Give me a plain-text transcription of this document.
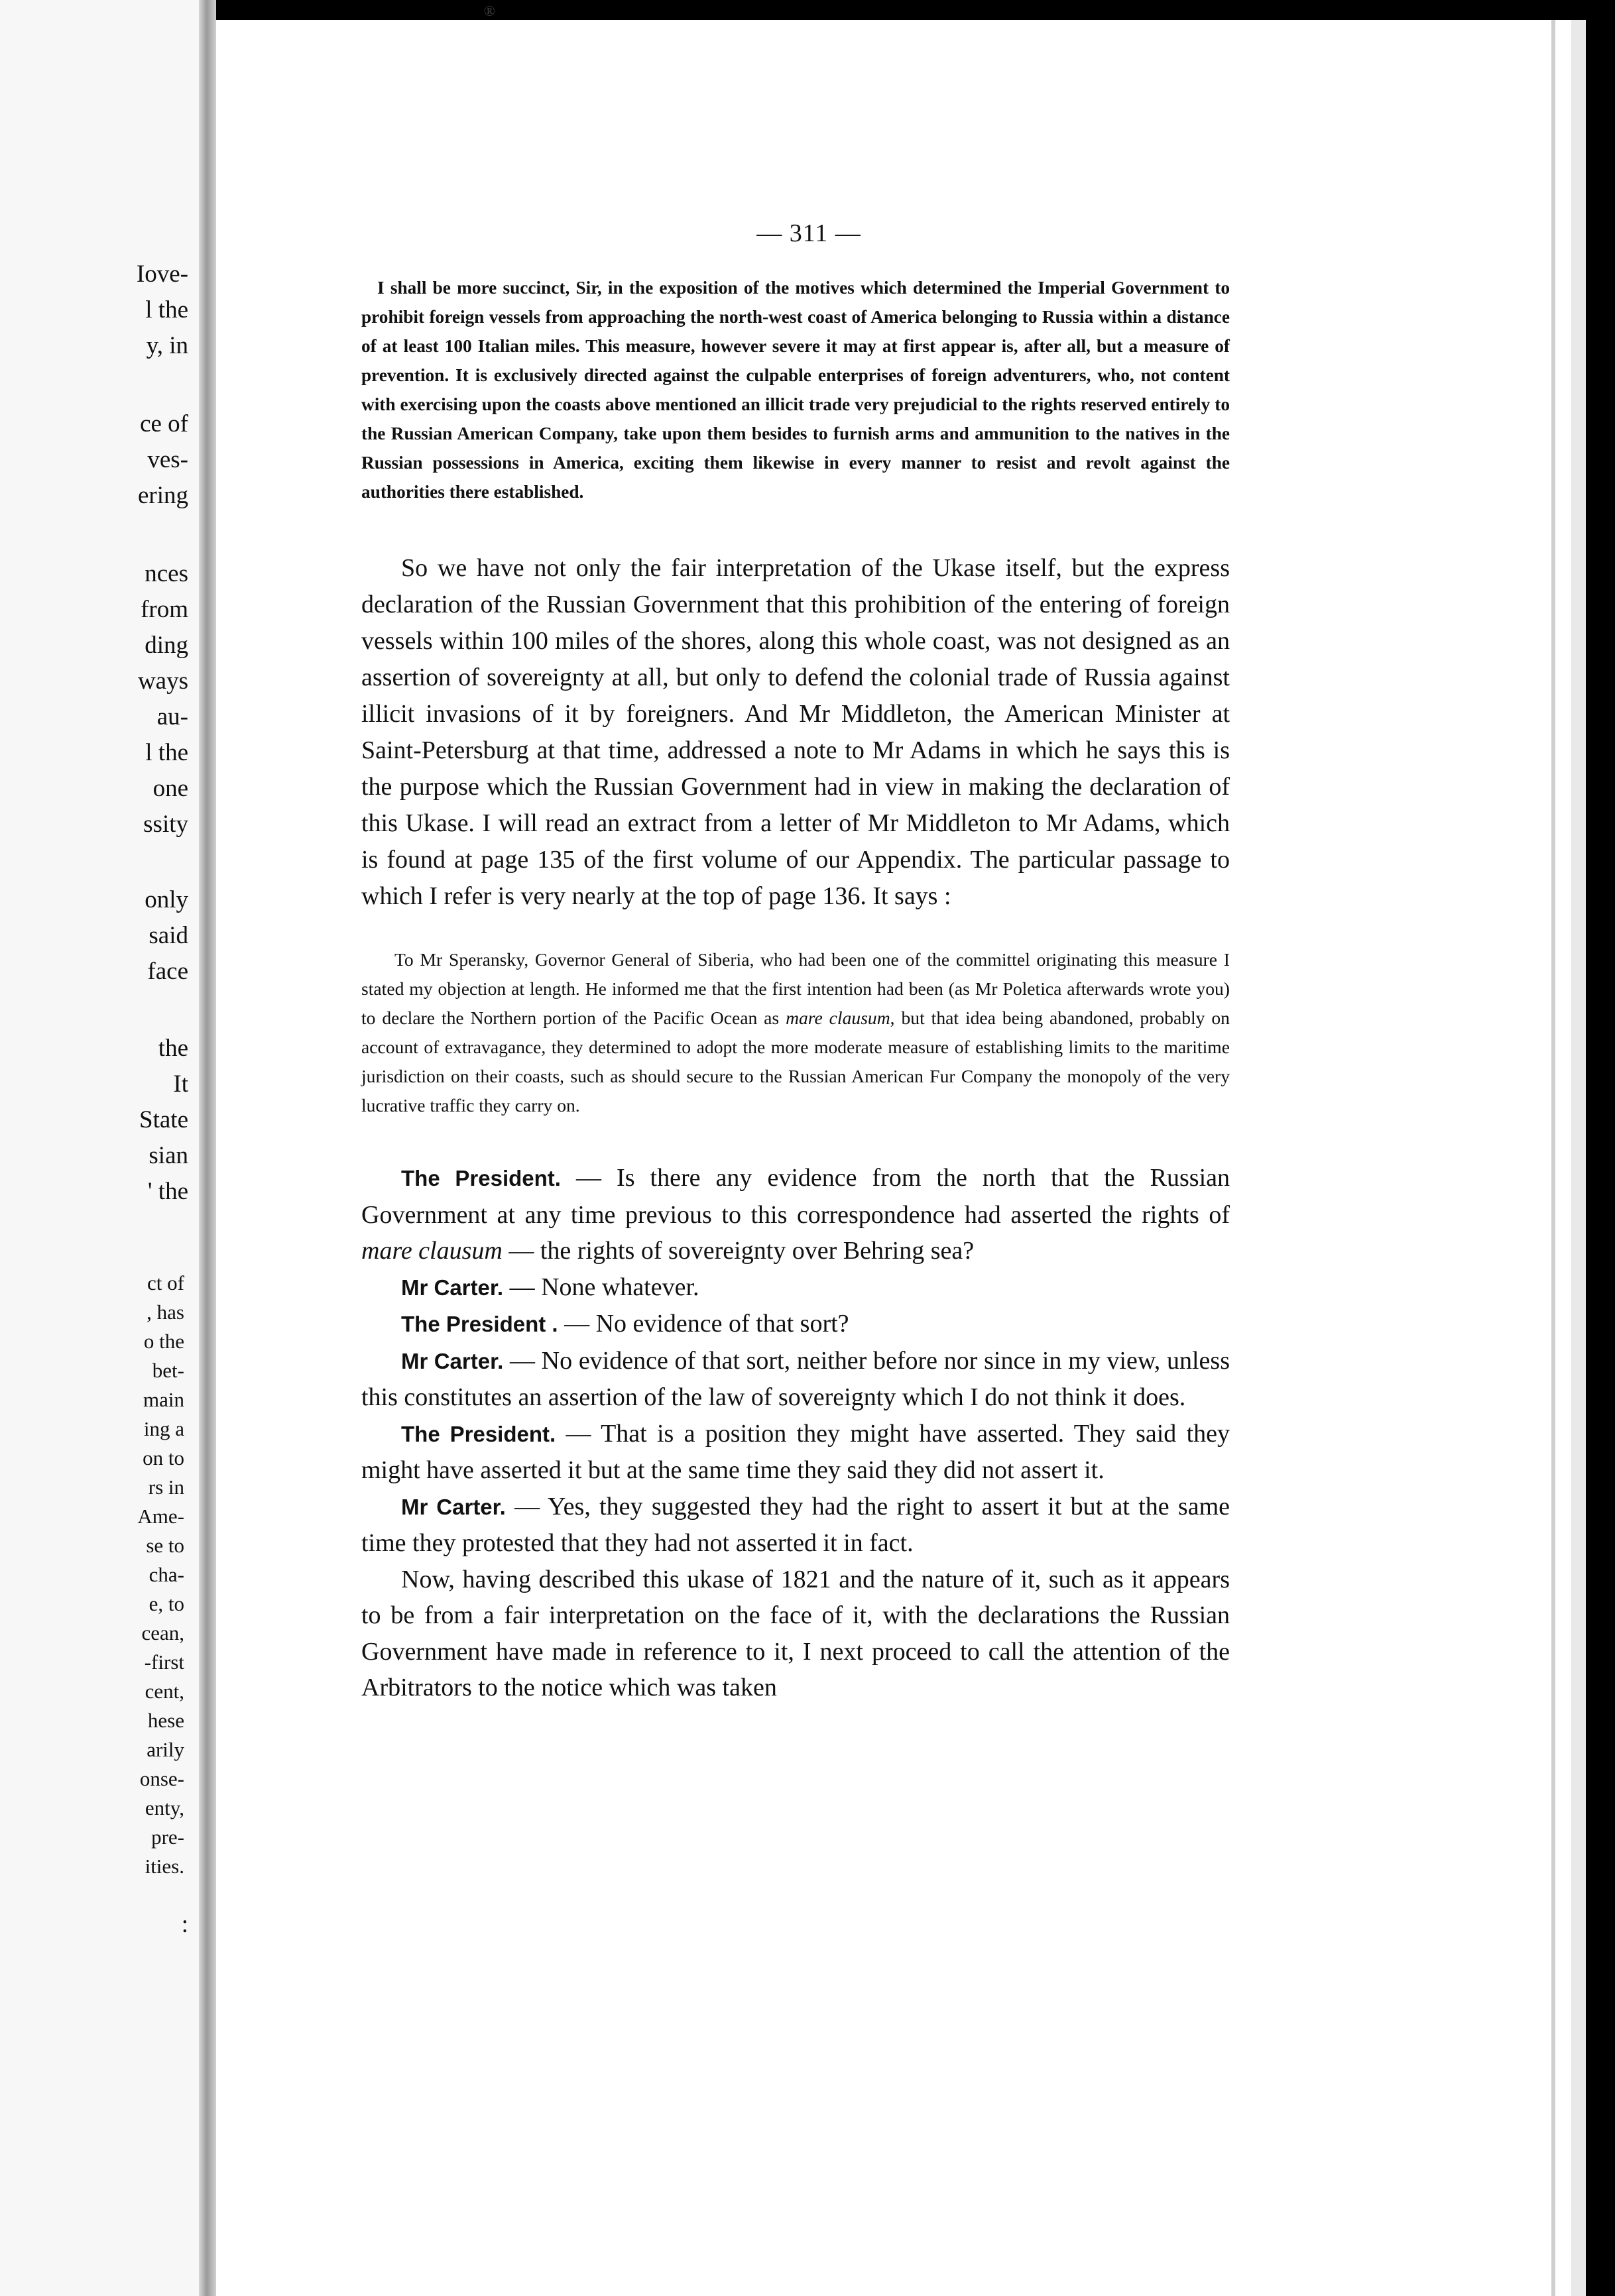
®
Iove-
l the
y, in
ce of
ves-
ering
nces
from
ding
ways
au-
l the
one
ssity
only
said
face
the
It
State
sian
' the
ct of
, has
o the
bet-
main
ing a
on to
rs in
Ame-
se to
cha-
e, to
cean,
-first
cent,
hese
arily
onse-
enty,
pre-
ities.
:
— 311 —

I shall be more succinct, Sir, in the exposition of the motives which determined the Imperial Government to prohibit foreign vessels from approaching the north-west coast of America belonging to Russia within a distance of at least 100 Italian miles. This measure, however severe it may at first appear is, after all, but a measure of prevention. It is exclusively directed against the culpable enterprises of foreign adventurers, who, not content with exercising upon the coasts above mentioned an illicit trade very prejudicial to the rights reserved entirely to the Russian American Company, take upon them besides to furnish arms and ammunition to the natives in the Russian possessions in America, exciting them likewise in every manner to resist and revolt against the authorities there established.

So we have not only the fair interpretation of the Ukase itself, but the express declaration of the Russian Government that this prohibition of the entering of foreign vessels within 100 miles of the shores, along this whole coast, was not designed as an assertion of sovereignty at all, but only to defend the colonial trade of Russia against illicit invasions of it by foreigners. And Mr Middleton, the American Minister at Saint-Petersburg at that time, addressed a note to Mr Adams in which he says this is the purpose which the Russian Government had in view in making the declaration of this Ukase. I will read an extract from a letter of Mr Middleton to Mr Adams, which is found at page 135 of the first volume of our Appendix. The particular passage to which I refer is very nearly at the top of page 136. It says :

To Mr Speransky, Governor General of Siberia, who had been one of the committel originating this measure I stated my objection at length. He informed me that the first intention had been (as Mr Poletica afterwards wrote you) to declare the Northern portion of the Pacific Ocean as mare clausum, but that idea being abandoned, probably on account of extravagance, they determined to adopt the more moderate measure of establishing limits to the maritime jurisdiction on their coasts, such as should secure to the Russian American Fur Company the monopoly of the very lucrative traffic they carry on.

The President. — Is there any evidence from the north that the Russian Government at any time previous to this correspondence had asserted the rights of mare clausum — the rights of sovereignty over Behring sea?

Mr Carter. — None whatever.

The President . — No evidence of that sort?

Mr Carter. — No evidence of that sort, neither before nor since in my view, unless this constitutes an assertion of the law of sovereignty which I do not think it does.

The President. — That is a position they might have asserted. They said they might have asserted it but at the same time they said they did not assert it.

Mr Carter. — Yes, they suggested they had the right to assert it but at the same time they protested that they had not asserted it in fact.

Now, having described this ukase of 1821 and the nature of it, such as it appears to be from a fair interpretation on the face of it, with the declarations the Russian Government have made in reference to it, I next proceed to call the attention of the Arbitrators to the notice which was taken
